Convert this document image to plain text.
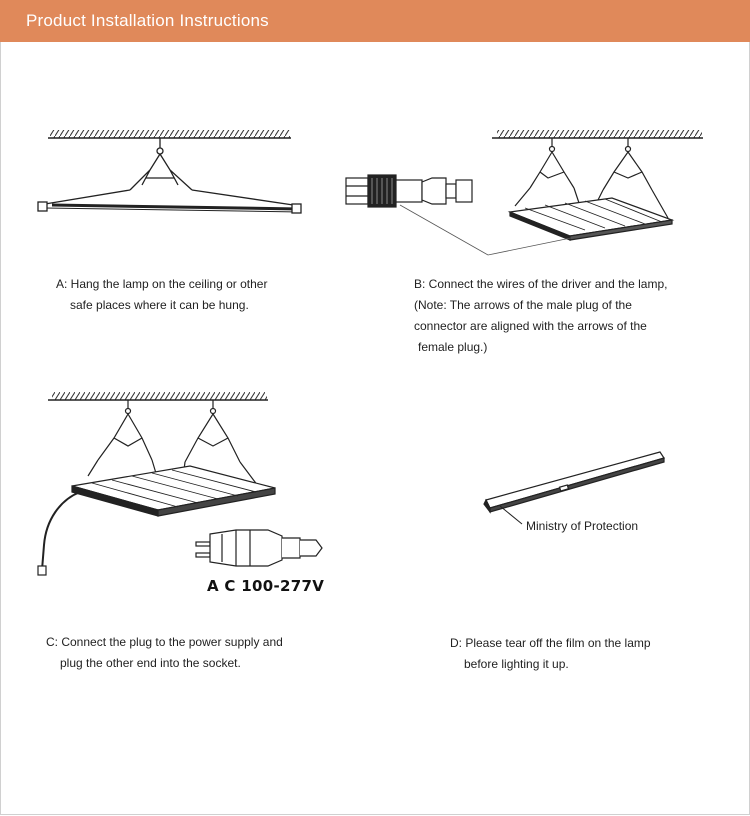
Product Installation Instructions
A: Hang the lamp on the ceiling or other
safe places where it can be hung.
B: Connect the wires of the driver and the lamp,
(Note: The arrows of the male plug of the
connector are aligned with the arrows of the
female plug.)
A C 100-277V
Ministry of Protection
C: Connect the plug to the power supply and
plug the other end into the socket.
D: Please tear off the film on the lamp
before lighting it up.
